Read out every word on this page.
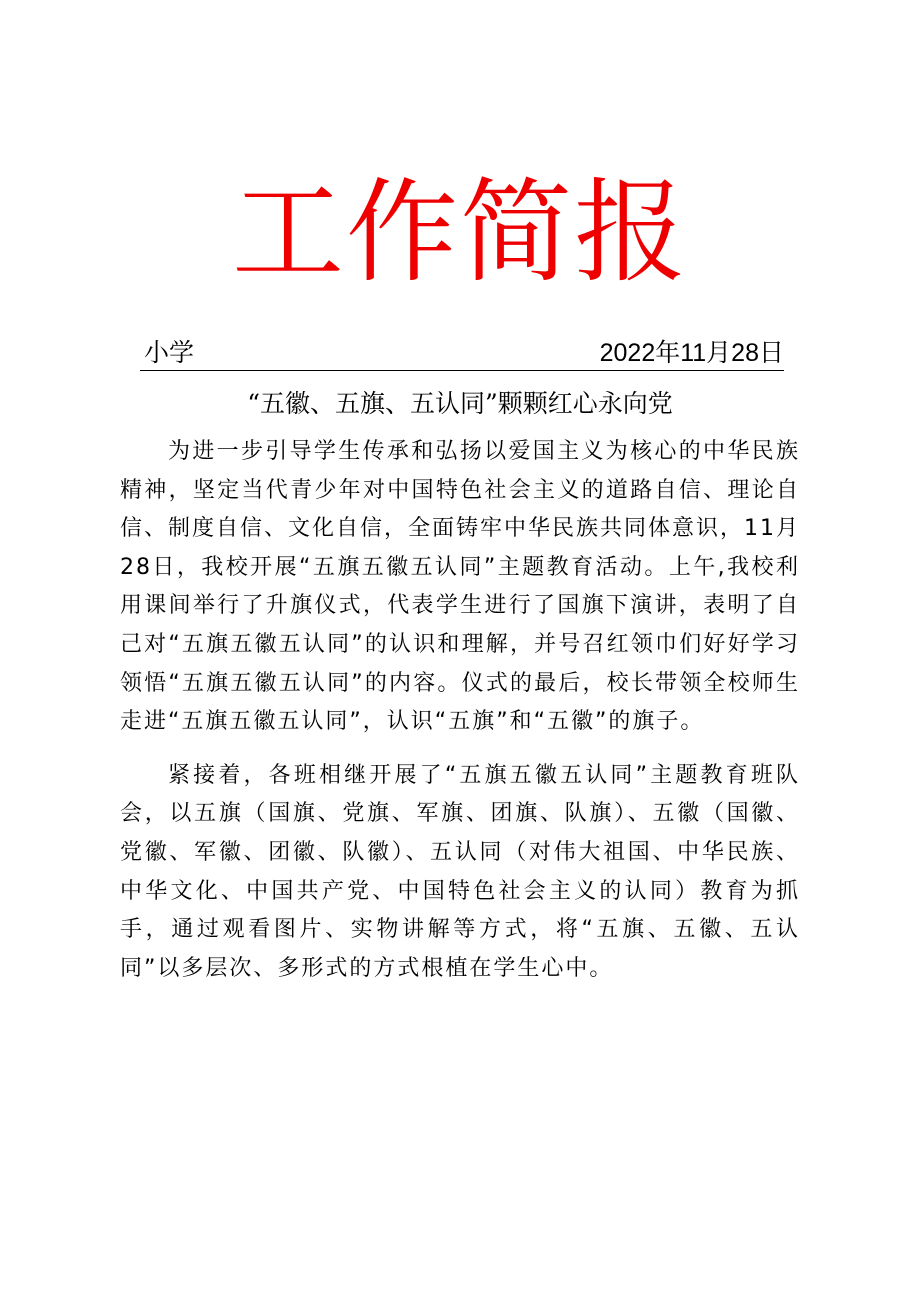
工作简报
小学	2022年11月28日
“五徽、五旗、五认同”颗颗红心永向党

为进一步引导学生传承和弘扬以爱国主义为核心的中华民族精神，坚定当代青少年对中国特色社会主义的道路自信、理论自信、制度自信、文化自信，全面铸牢中华民族共同体意识，11月28日，我校开展“五旗五徽五认同”主题教育活动。上午,我校利用课间举行了升旗仪式，代表学生进行了国旗下演讲，表明了自己对“五旗五徽五认同”的认识和理解，并号召红领巾们好好学习领悟“五旗五徽五认同”的内容。仪式的最后，校长带领全校师生走进“五旗五徽五认同”，认识“五旗”和“五徽”的旗子。

紧接着，各班相继开展了“五旗五徽五认同”主题教育班队会，以五旗（国旗、党旗、军旗、团旗、队旗）、五徽（国徽、党徽、军徽、团徽、队徽）、五认同（对伟大祖国、中华民族、中华文化、中国共产党、中国特色社会主义的认同）教育为抓手，通过观看图片、实物讲解等方式，将“五旗、五徽、五认同”以多层次、多形式的方式根植在学生心中。
